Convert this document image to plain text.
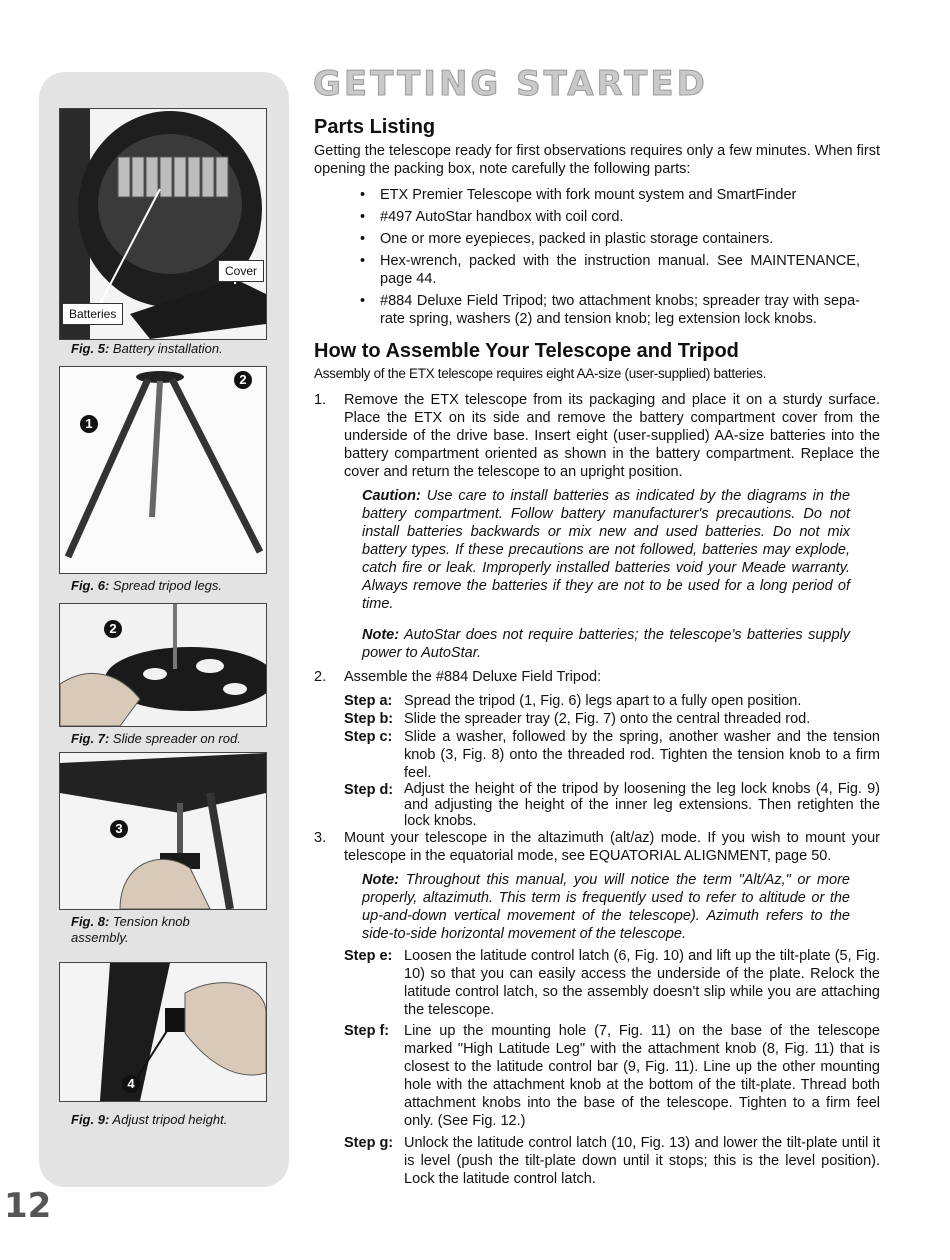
Cover
Batteries
Fig. 5: Battery installation.
2
1
Fig. 6: Spread tripod legs.
2
Fig. 7: Slide spreader on rod.
3
Fig. 8: Tension knob assembly.
4
Fig. 9: Adjust tripod height.
12
GETTING STARTED
Parts Listing
Getting the telescope ready for first observations requires only a few minutes. When first opening the packing box, note carefully the following parts:
• ETX Premier Telescope with fork mount system and SmartFinder
• #497 AutoStar handbox with coil cord.
• One or more eyepieces, packed in plastic storage containers.
• Hex-wrench, packed with the instruction manual. See MAINTENANCE, page 44.
• #884 Deluxe Field Tripod; two attachment knobs; spreader tray with sepa-rate spring, washers (2) and tension knob; leg extension lock knobs.
How to Assemble Your Telescope and Tripod
Assembly of the ETX telescope requires eight AA-size (user-supplied) batteries.
1. Remove the ETX telescope from its packaging and place it on a sturdy surface. Place the ETX on its side and remove the battery compartment cover from the underside of the drive base. Insert eight (user-supplied) AA-size batteries into the battery compartment oriented as shown in the battery compartment. Replace the cover and return the telescope to an upright position.
Caution: Use care to install batteries as indicated by the diagrams in the battery compartment. Follow battery manufacturer's precautions. Do not install batteries backwards or mix new and used batteries. Do not mix battery types. If these precautions are not followed, batteries may explode, catch fire or leak. Improperly installed batteries void your Meade warranty. Always remove the batteries if they are not to be used for a long period of time.
Note: AutoStar does not require batteries; the telescope’s batteries supply power to AutoStar.
2. Assemble the #884 Deluxe Field Tripod:
Step a: Spread the tripod (1, Fig. 6) legs apart to a fully open position.
Step b: Slide the spreader tray (2, Fig. 7) onto the central threaded rod.
Step c: Slide a washer, followed by the spring, another washer and the tension knob (3, Fig. 8) onto the threaded rod. Tighten the tension knob to a firm feel.
Step d: Adjust the height of the tripod by loosening the leg lock knobs (4, Fig. 9) and adjusting the height of the inner leg extensions. Then retighten the lock knobs.
3. Mount your telescope in the altazimuth (alt/az) mode. If you wish to mount your telescope in the equatorial mode, see EQUATORIAL ALIGNMENT, page 50.
Note: Throughout this manual, you will notice the term "Alt/Az," or more properly, altazimuth. This term is frequently used to refer to altitude or the up-and-down vertical movement of the telescope). Azimuth refers to the side-to-side horizontal movement of the telescope.
Step e: Loosen the latitude control latch (6, Fig. 10) and lift up the tilt-plate (5, Fig. 10) so that you can easily access the underside of the plate. Relock the latitude control latch, so the assembly doesn't slip while you are attaching the telescope.
Step f: Line up the mounting hole (7, Fig. 11) on the base of the telescope marked "High Latitude Leg" with the attachment knob (8, Fig. 11) that is closest to the latitude control bar (9, Fig. 11). Line up the other mounting hole with the attachment knob at the bottom of the tilt-plate. Thread both attachment knobs into the base of the telescope. Tighten to a firm feel only. (See Fig. 12.)
Step g: Unlock the latitude control latch (10, Fig. 13) and lower the tilt-plate until it is level (push the tilt-plate down until it stops; this is the level position). Lock the latitude control latch.
